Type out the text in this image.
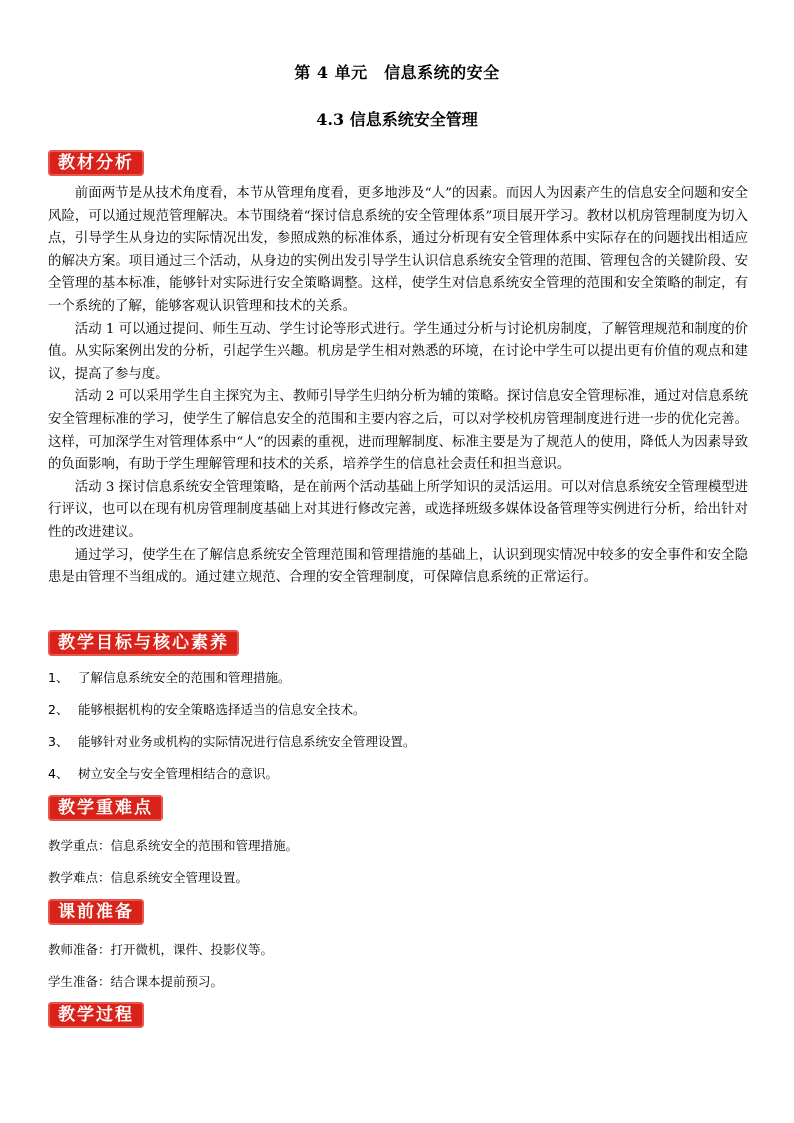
第 4 单元　信息系统的安全
4.3 信息系统安全管理
教材分析

前面两节是从技术角度看，本节从管理角度看，更多地涉及“人”的因素。而因人为因素产生的信息安全问题和安全风险，可以通过规范管理解决。本节围绕着“探讨信息系统的安全管理体系”项目展开学习。教材以机房管理制度为切入点，引导学生从身边的实际情况出发，参照成熟的标准体系，通过分析现有安全管理体系中实际存在的问题找出相适应的解决方案。项目通过三个活动，从身边的实例出发引导学生认识信息系统安全管理的范围、管理包含的关键阶段、安全管理的基本标准，能够针对实际进行安全策略调整。这样，使学生对信息系统安全管理的范围和安全策略的制定，有一个系统的了解，能够客观认识管理和技术的关系。

活动 1 可以通过提问、师生互动、学生讨论等形式进行。学生通过分析与讨论机房制度，了解管理规范和制度的价值。从实际案例出发的分析，引起学生兴趣。机房是学生相对熟悉的环境，在讨论中学生可以提出更有价值的观点和建议，提高了参与度。

活动 2 可以采用学生自主探究为主、教师引导学生归纳分析为辅的策略。探讨信息安全管理标准，通过对信息系统安全管理标准的学习，使学生了解信息安全的范围和主要内容之后，可以对学校机房管理制度进行进一步的优化完善。这样，可加深学生对管理体系中“人”的因素的重视，进而理解制度、标准主要是为了规范人的使用，降低人为因素导致的负面影响，有助于学生理解管理和技术的关系，培养学生的信息社会责任和担当意识。

活动 3 探讨信息系统安全管理策略，是在前两个活动基础上所学知识的灵活运用。可以对信息系统安全管理模型进行评议，也可以在现有机房管理制度基础上对其进行修改完善，或选择班级多媒体设备管理等实例进行分析，给出针对性的改进建议。

通过学习，使学生在了解信息系统安全管理范围和管理措施的基础上，认识到现实情况中较多的安全事件和安全隐患是由管理不当组成的。通过建立规范、合理的安全管理制度，可保障信息系统的正常运行。

教学目标与核心素养
1、 了解信息系统安全的范围和管理措施。
2、 能够根据机构的安全策略选择适当的信息安全技术。
3、 能够针对业务或机构的实际情况进行信息系统安全管理设置。
4、 树立安全与安全管理相结合的意识。
教学重难点
教学重点：信息系统安全的范围和管理措施。
教学难点：信息系统安全管理设置。
课前准备
教师准备：打开微机，课件、投影仪等。
学生准备：结合课本提前预习。
教学过程
